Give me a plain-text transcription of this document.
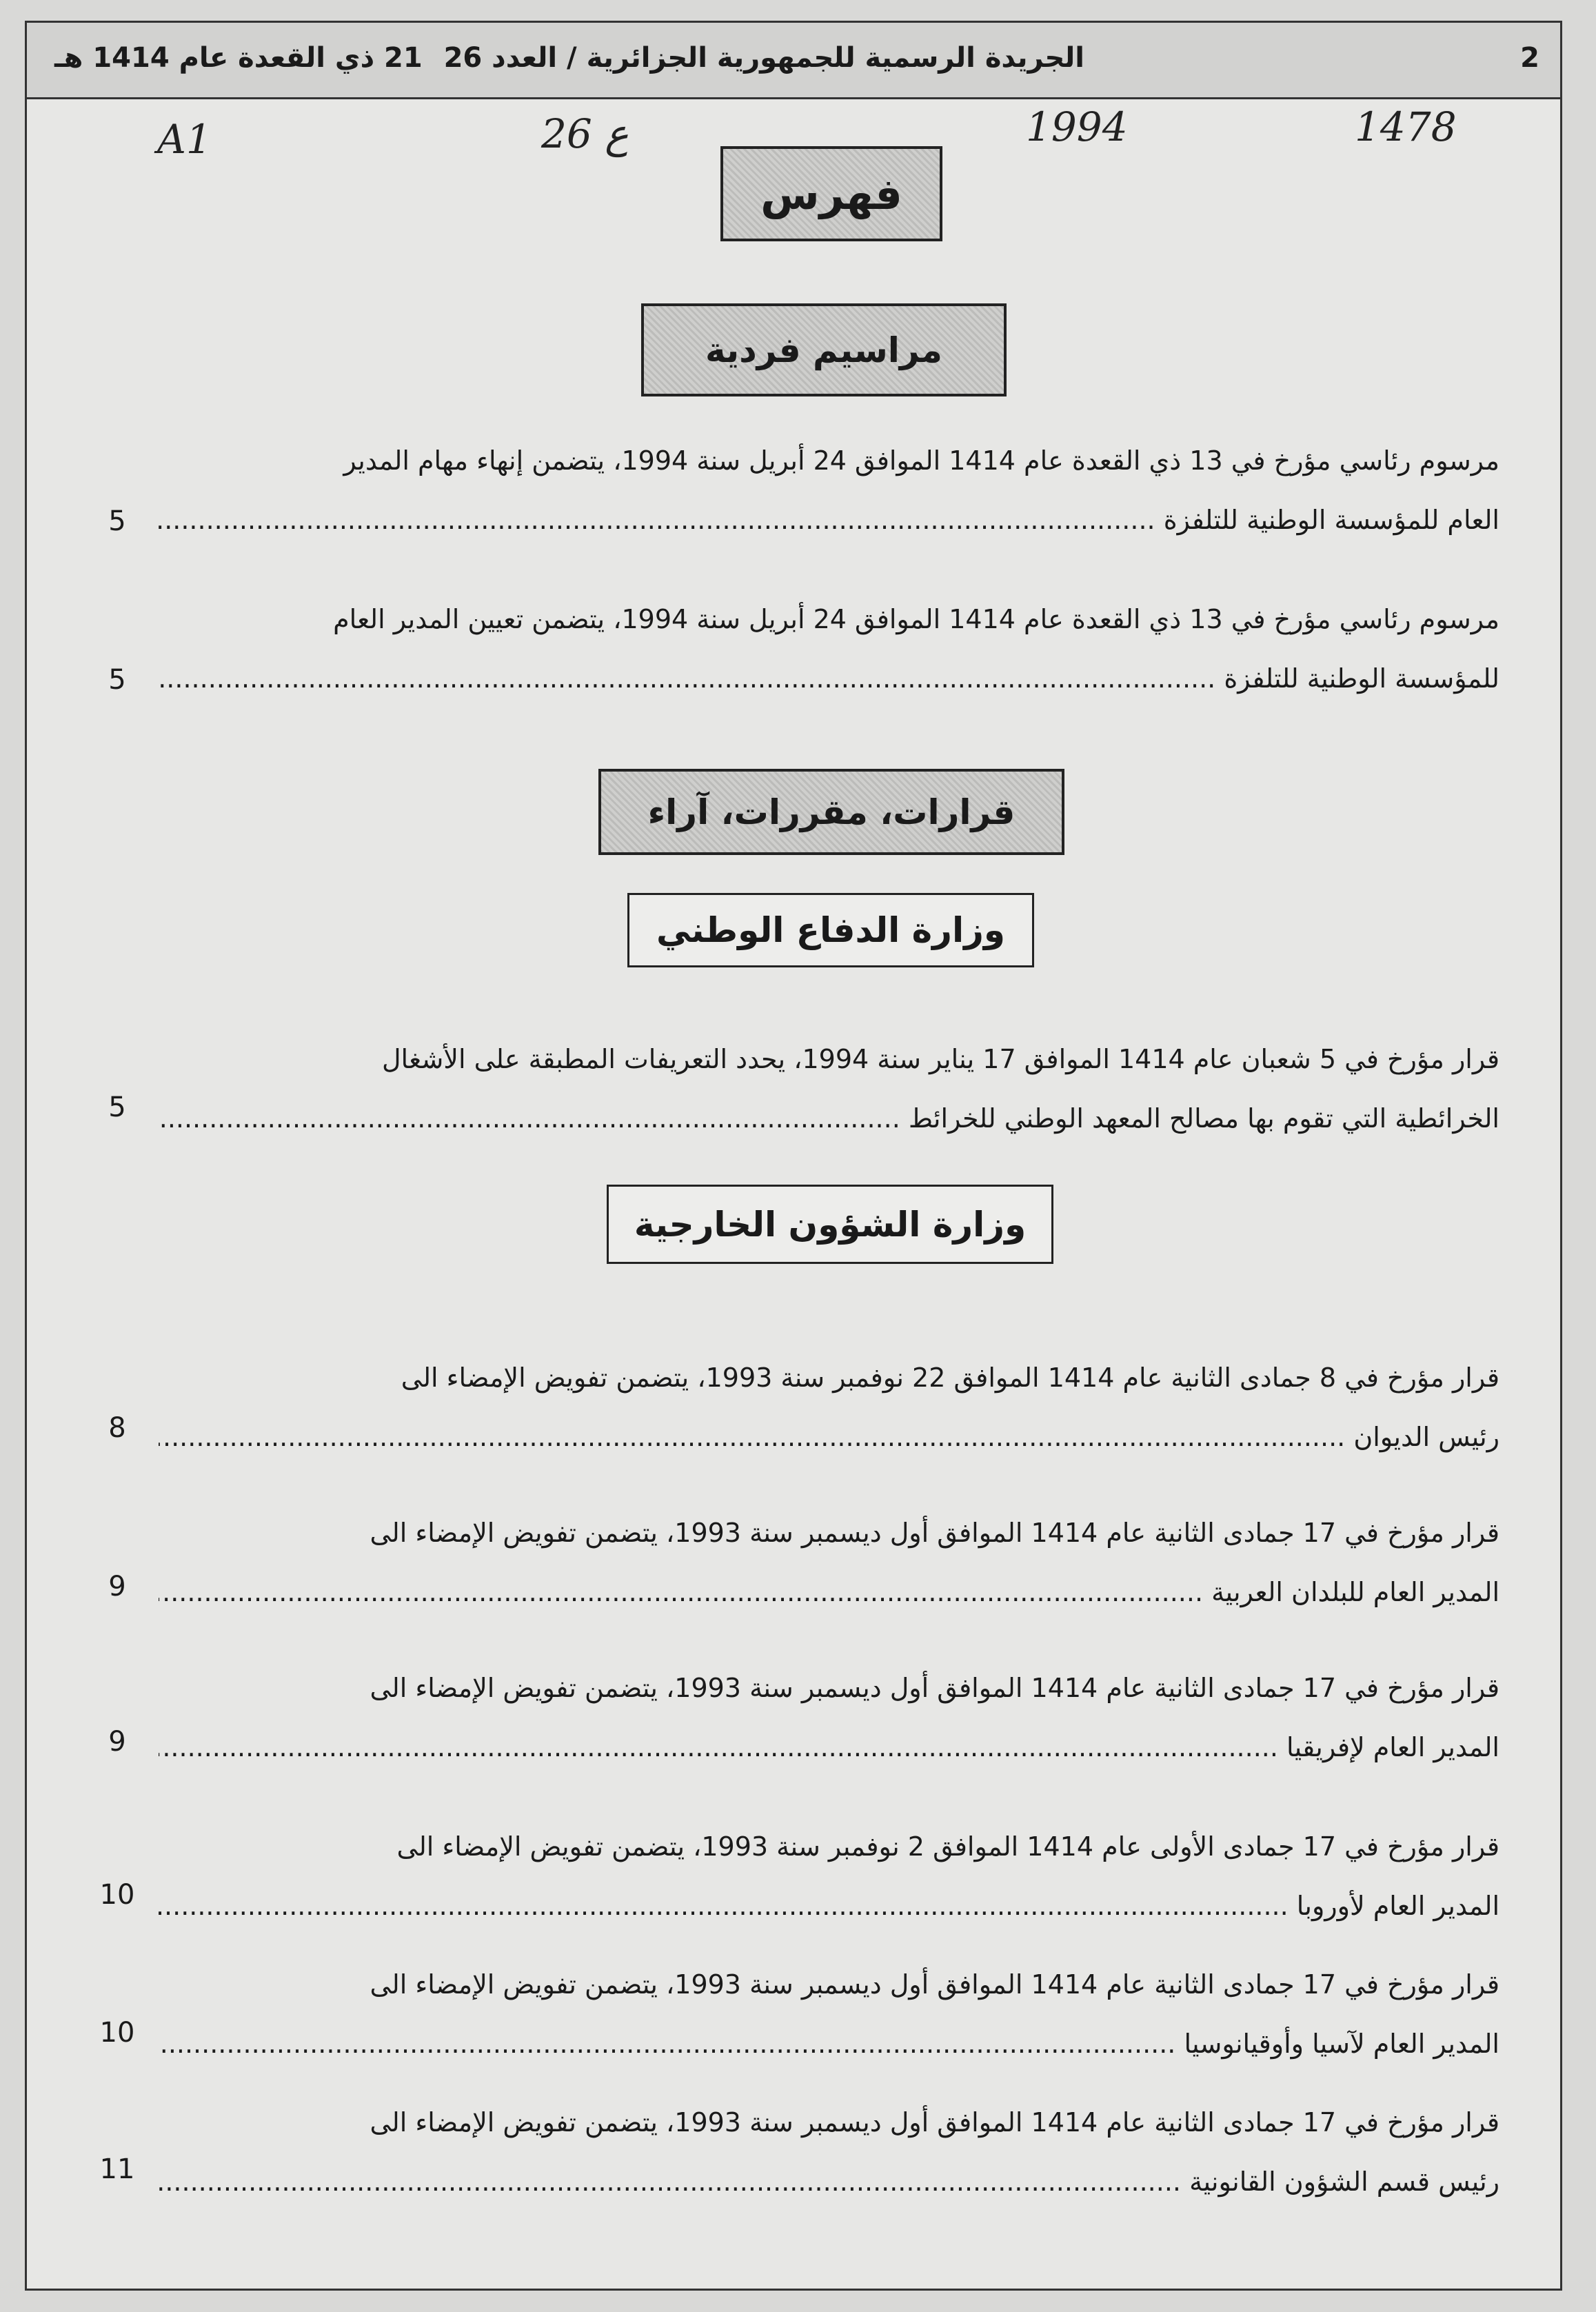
2
الجريدة الرسمية للجمهورية الجزائرية / العدد 26
21 ذي القعدة عام 1414 هـ
A1	26 ع	1994	1478
فهرس
مراسيم فردية
مرسوم رئاسي مؤرخ في 13 ذي القعدة عام 1414 الموافق 24 أبريل سنة 1994، يتضمن إنهاء مهام المدير
العام للمؤسسة الوطنية للتلفزة .....
5
مرسوم رئاسي مؤرخ في 13 ذي القعدة عام 1414 الموافق 24 أبريل سنة 1994، يتضمن تعيين المدير العام
للمؤسسة الوطنية للتلفزة .....
5
قرارات، مقررات، آراء
وزارة الدفاع الوطني
قرار مؤرخ في 5 شعبان عام 1414 الموافق 17 يناير سنة 1994، يحدد التعريفات المطبقة على الأشغال
الخرائطية التي تقوم بها مصالح المعهد الوطني للخرائط .....
5
وزارة الشؤون الخارجية
قرار مؤرخ في 8 جمادى الثانية عام 1414 الموافق 22 نوفمبر سنة 1993، يتضمن تفويض الإمضاء الى
رئيس الديوان .....
8
قرار مؤرخ في 17 جمادى الثانية عام 1414 الموافق أول ديسمبر سنة 1993، يتضمن تفويض الإمضاء الى
المدير العام للبلدان العربية .....
9
قرار مؤرخ في 17 جمادى الثانية عام 1414 الموافق أول ديسمبر سنة 1993، يتضمن تفويض الإمضاء الى
المدير العام لإفريقيا .....
9
قرار مؤرخ في 17 جمادى الأولى عام 1414 الموافق 2 نوفمبر سنة 1993، يتضمن تفويض الإمضاء الى
المدير العام لأوروبا .....
10
قرار مؤرخ في 17 جمادى الثانية عام 1414 الموافق أول ديسمبر سنة 1993، يتضمن تفويض الإمضاء الى
المدير العام لآسيا وأوقيانوسيا .....
10
قرار مؤرخ في 17 جمادى الثانية عام 1414 الموافق أول ديسمبر سنة 1993، يتضمن تفويض الإمضاء الى
رئيس قسم الشؤون القانونية .....
11
